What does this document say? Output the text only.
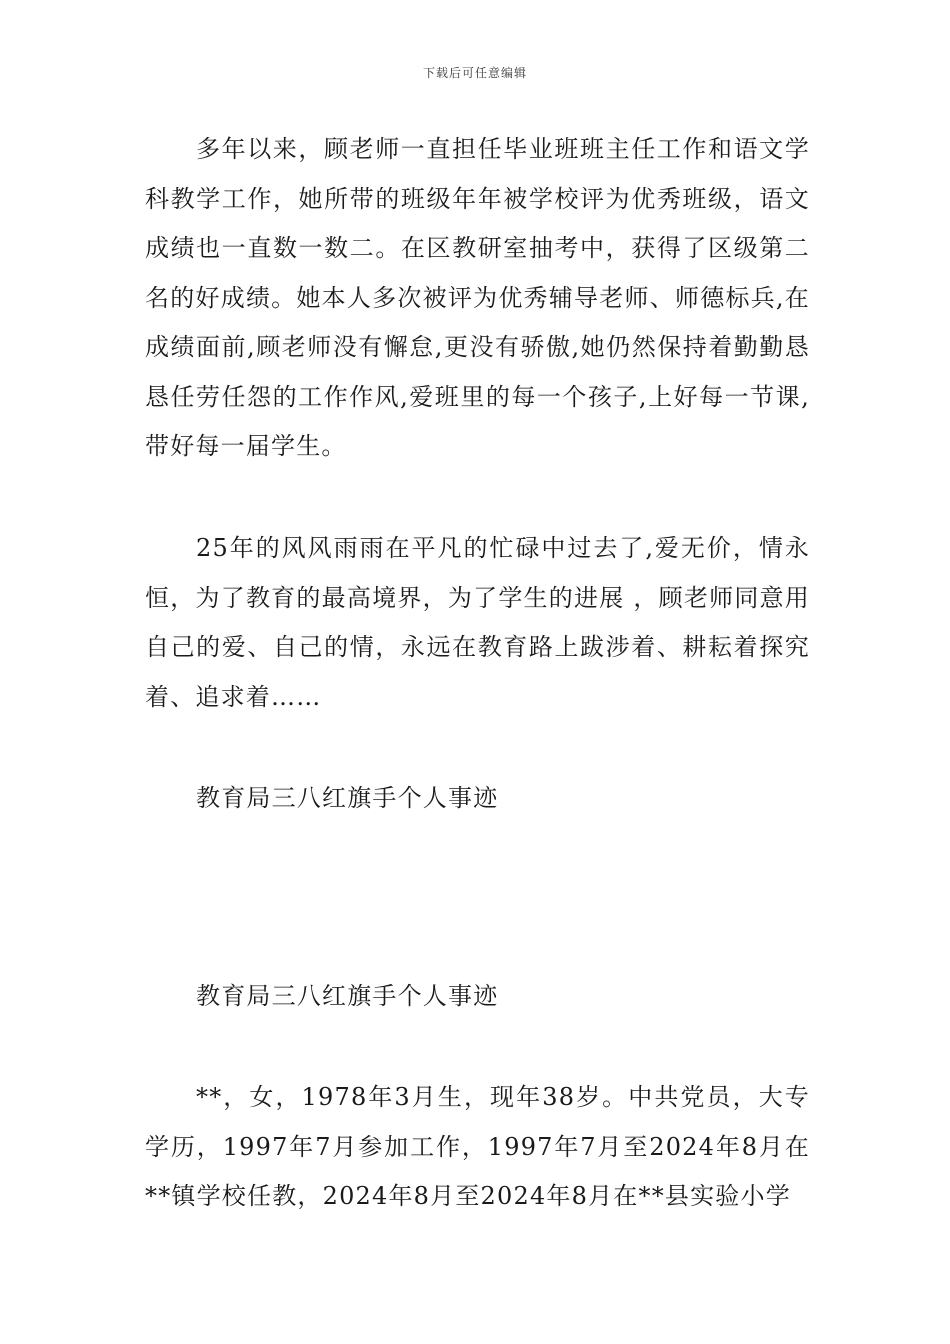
下载后可任意编辑

多年以来，顾老师一直担任毕业班班主任工作和语文学科教学工作，她所带的班级年年被学校评为优秀班级，语文成绩也一直数一数二。在区教研室抽考中，获得了区级第二名的好成绩。她本人多次被评为优秀辅导老师、师德标兵,在成绩面前,顾老师没有懈怠,更没有骄傲,她仍然保持着勤勤恳恳任劳任怨的工作作风,爱班里的每一个孩子,上好每一节课,带好每一届学生。

25年的风风雨雨在平凡的忙碌中过去了,爱无价，情永恒，为了教育的最高境界，为了学生的进展 ，顾老师同意用自己的爱、自己的情，永远在教育路上跋涉着、耕耘着探究着、追求着……

教育局三八红旗手个人事迹
教育局三八红旗手个人事迹

**，女，1978年3月生，现年38岁。中共党员，大专学历，1997年7月参加工作，1997年7月至2024年8月在**镇学校任教，2024年8月至2024年8月在**县实验小学
